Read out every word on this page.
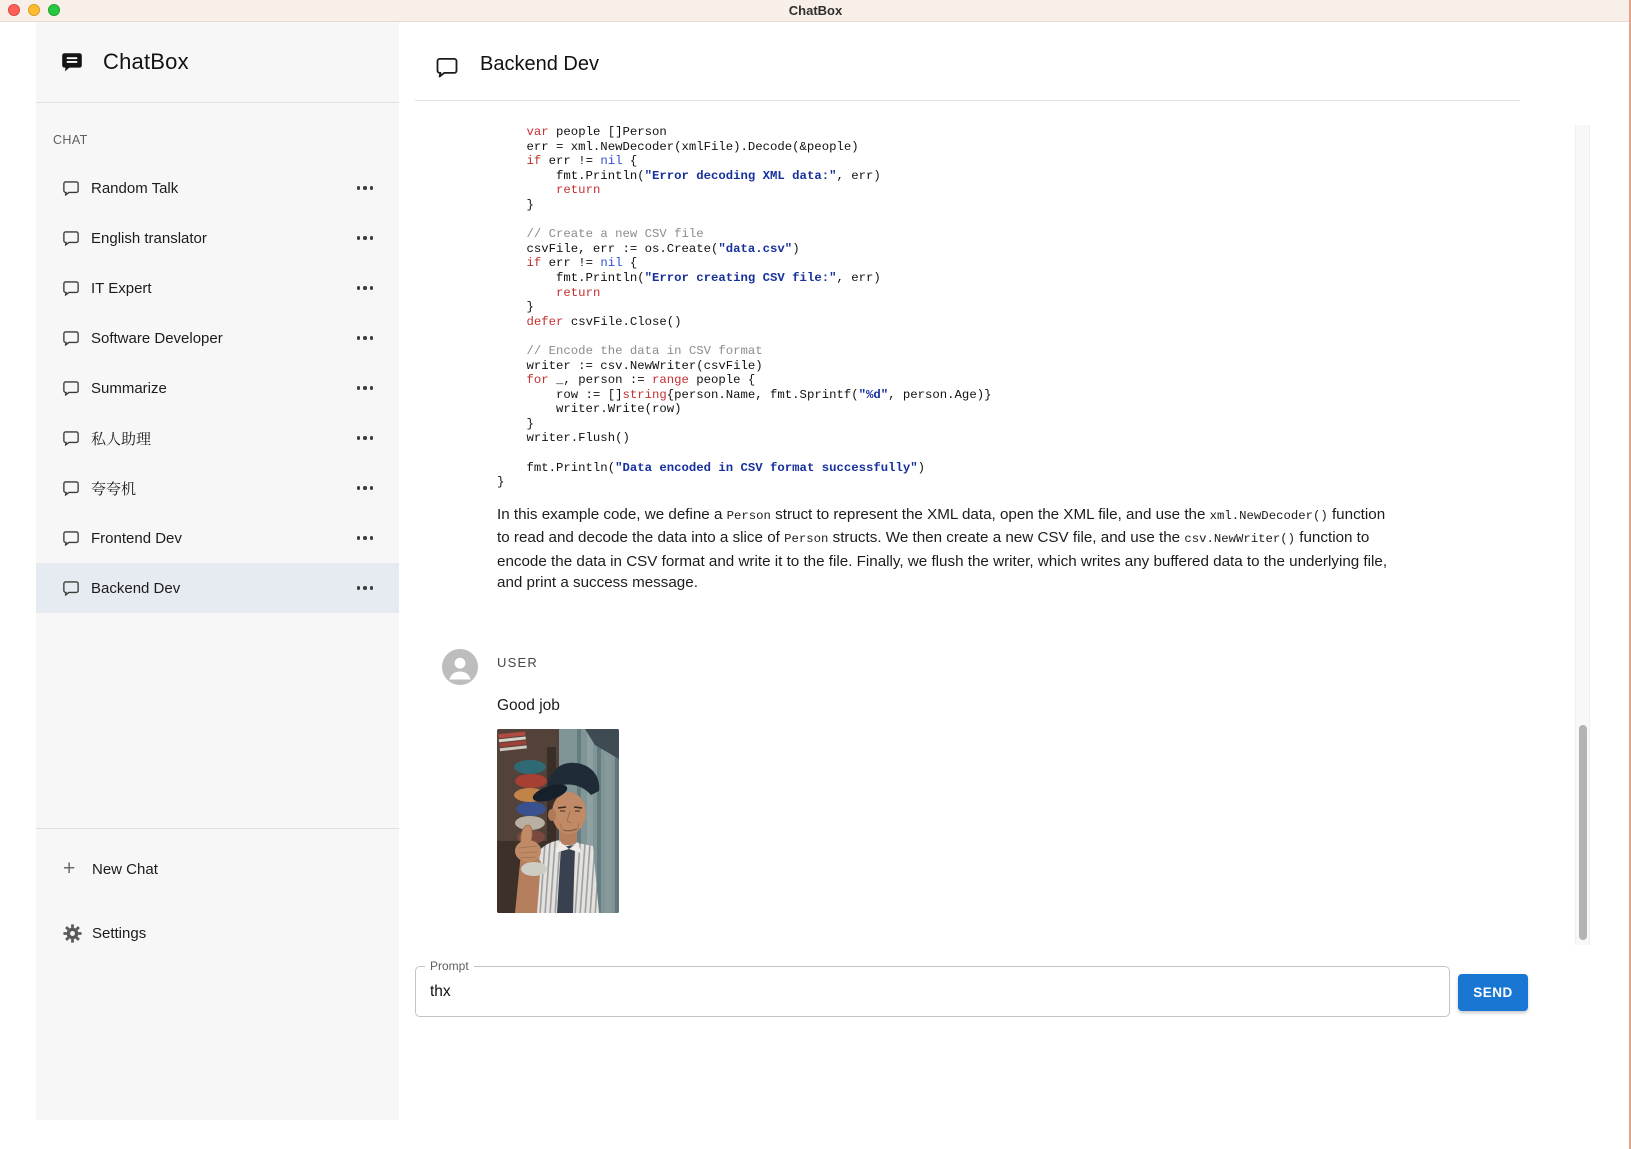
ChatBox
ChatBox
CHAT
Random Talk
English translator
IT Expert
Software Developer
Summarize
私人助理
夸夸机
Frontend Dev
Backend Dev
+	New Chat
Settings
Backend Dev
var people []Person
err = xml.NewDecoder(xmlFile).Decode(&people)
if err != nil {
fmt.Println("Error decoding XML data:", err)
return
}

// Create a new CSV file
csvFile, err := os.Create("data.csv")
if err != nil {
fmt.Println("Error creating CSV file:", err)
return
}
defer csvFile.Close()

// Encode the data in CSV format
writer := csv.NewWriter(csvFile)
for _, person := range people {
row := []string{person.Name, fmt.Sprintf("%d", person.Age)}
writer.Write(row)
}
writer.Flush()

fmt.Println("Data encoded in CSV format successfully")
}

In this example code, we define a Person struct to represent the XML data, open the XML file, and use the xml.NewDecoder() function to read and decode the data into a slice of Person structs. We then create a new CSV file, and use the csv.NewWriter() function to encode the data in CSV format and write it to the file. Finally, we flush the writer, which writes any buffered data to the underlying file, and print a success message.

USER
Good job
Prompt
thx
SEND
